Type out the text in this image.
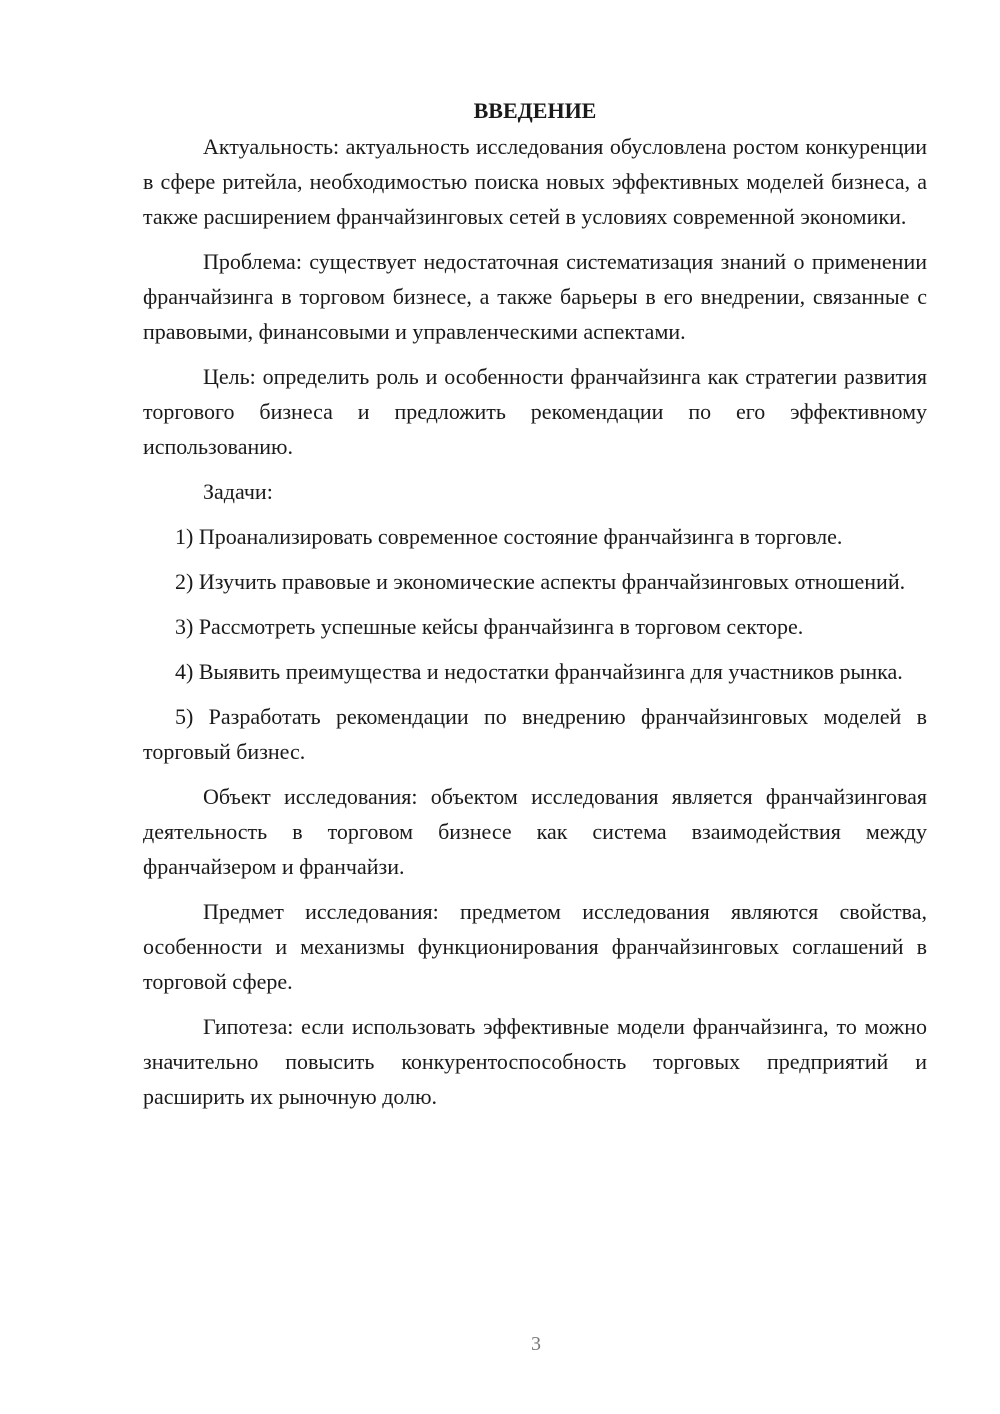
ВВЕДЕНИЕ

Актуальность: актуальность исследования обусловлена ростом конкуренции в сфере ритейла, необходимостью поиска новых эффективных моделей бизнеса, а также расширением франчайзинговых сетей в условиях современной экономики.

Проблема: существует недостаточная систематизация знаний о применении франчайзинга в торговом бизнесе, а также барьеры в его внедрении, связанные с правовыми, финансовыми и управленческими аспектами.

Цель: определить роль и особенности франчайзинга как стратегии развития торгового бизнеса и предложить рекомендации по его эффективному использованию.

Задачи:

1) Проанализировать современное состояние франчайзинга в торговле.

2) Изучить правовые и экономические аспекты франчайзинговых отношений.

3) Рассмотреть успешные кейсы франчайзинга в торговом секторе.

4) Выявить преимущества и недостатки франчайзинга для участников рынка.

5) Разработать рекомендации по внедрению франчайзинговых моделей в торговый бизнес.

Объект исследования: объектом исследования является франчайзинговая деятельность в торговом бизнесе как система взаимодействия между франчайзером и франчайзи.

Предмет исследования: предметом исследования являются свойства, особенности и механизмы функционирования франчайзинговых соглашений в торговой сфере.

Гипотеза: если использовать эффективные модели франчайзинга, то можно значительно повысить конкурентоспособность торговых предприятий и расширить их рыночную долю.

3
